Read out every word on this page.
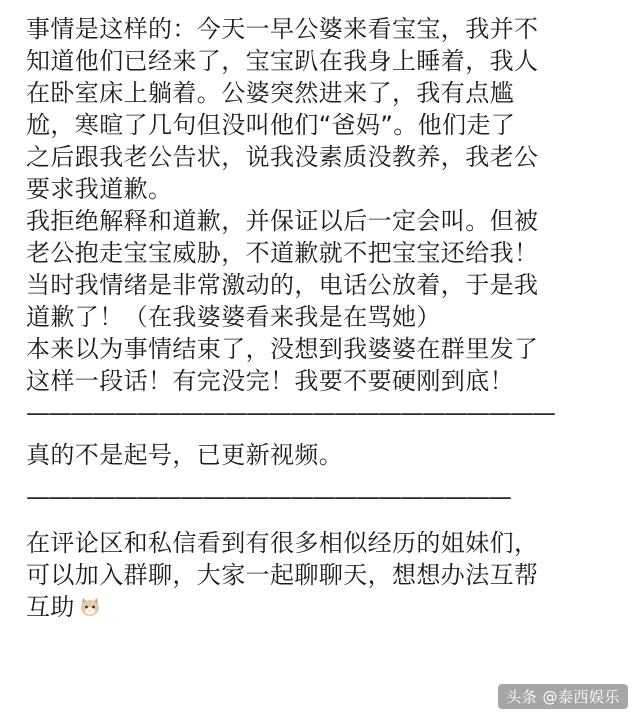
事情是这样的：今天一早公婆来看宝宝，我并不
知道他们已经来了，宝宝趴在我身上睡着，我人
在卧室床上躺着。公婆突然进来了，我有点尴
尬，寒暄了几句但没叫他们“爸妈”。他们走了
之后跟我老公告状，说我没素质没教养，我老公
要求我道歉。
我拒绝解释和道歉，并保证以后一定会叫。但被
老公抱走宝宝威胁，不道歉就不把宝宝还给我！
当时我情绪是非常激动的，电话公放着，于是我
道歉了！（在我婆婆看来我是在骂她）
本来以为事情结束了，没想到我婆婆在群里发了
这样一段话！有完没完！我要不要硬刚到底！
————————————————————————
真的不是起号，已更新视频。
——————————————————————
在评论区和私信看到有很多相似经历的姐妹们，
可以加入群聊，大家一起聊聊天，想想办法互帮
互助
头条 @泰西娱乐
